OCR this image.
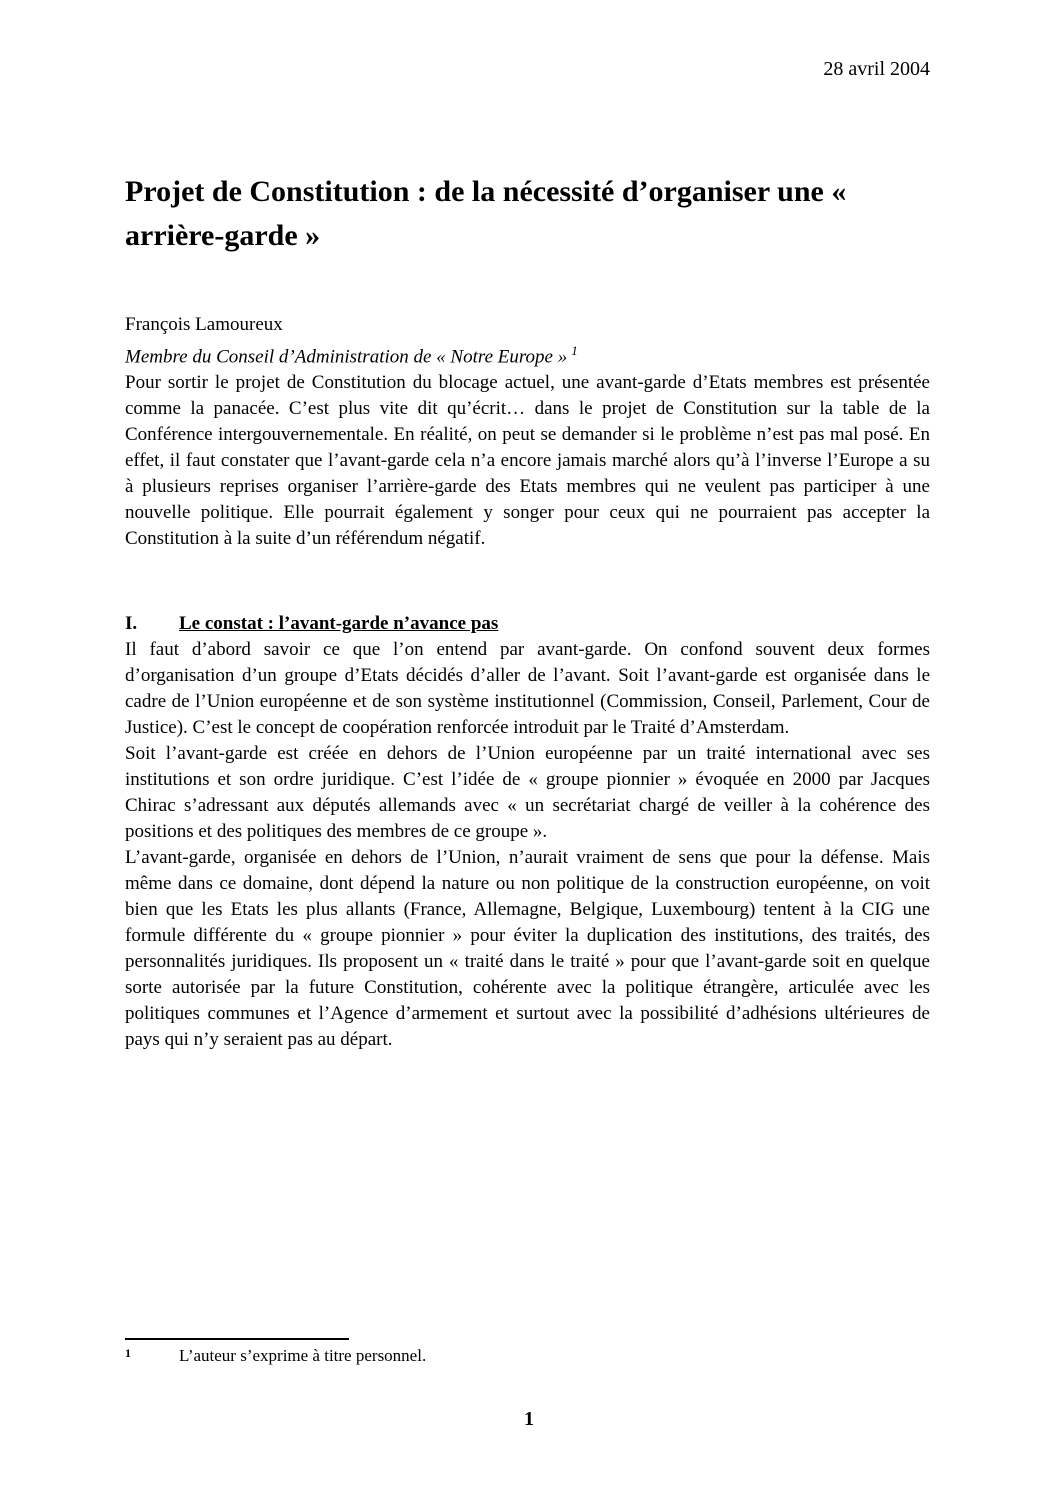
28 avril 2004
Projet de Constitution : de la nécessité d’organiser une « arrière-garde »
François Lamoureux
Membre du Conseil d’Administration de « Notre Europe » $^1$

Pour sortir le projet de Constitution du blocage actuel, une avant-garde d’Etats membres est présentée comme la panacée. C’est plus vite dit qu’écrit… dans le projet de Constitution sur la table de la Conférence intergouvernementale. En réalité, on peut se demander si le problème n’est pas mal posé. En effet, il faut constater que l’avant-garde cela n’a encore jamais marché alors qu’à l’inverse l’Europe a su à plusieurs reprises organiser l’arrière-garde des Etats membres qui ne veulent pas participer à une nouvelle politique. Elle pourrait également y songer pour ceux qui ne pourraient pas accepter la Constitution à la suite d’un référendum négatif.

I.	Le constat : l’avant-garde n’avance pas

Il faut d’abord savoir ce que l’on entend par avant-garde. On confond souvent deux formes d’organisation d’un groupe d’Etats décidés d’aller de l’avant. Soit l’avant-garde est organisée dans le cadre de l’Union européenne et de son système institutionnel (Commission, Conseil, Parlement, Cour de Justice). C’est le concept de coopération renforcée introduit par le Traité d’Amsterdam.

Soit l’avant-garde est créée en dehors de l’Union européenne par un traité international avec ses institutions et son ordre juridique. C’est l’idée de « groupe pionnier » évoquée en 2000 par Jacques Chirac s’adressant aux députés allemands avec « un secrétariat chargé de veiller à la cohérence des positions et des politiques des membres de ce groupe ».

L’avant-garde, organisée en dehors de l’Union, n’aurait vraiment de sens que pour la défense. Mais même dans ce domaine, dont dépend la nature ou non politique de la construction européenne, on voit bien que les Etats les plus allants (France, Allemagne, Belgique, Luxembourg) tentent à la CIG une formule différente du « groupe pionnier » pour éviter la duplication des institutions, des traités, des personnalités juridiques. Ils proposent un « traité dans le traité » pour que l’avant-garde soit en quelque sorte autorisée par la future Constitution, cohérente avec la politique étrangère, articulée avec les politiques communes et l’Agence d’armement et surtout avec la possibilité d’adhésions ultérieures de pays qui n’y seraient pas au départ.

1	L’auteur s’exprime à titre personnel.
1
